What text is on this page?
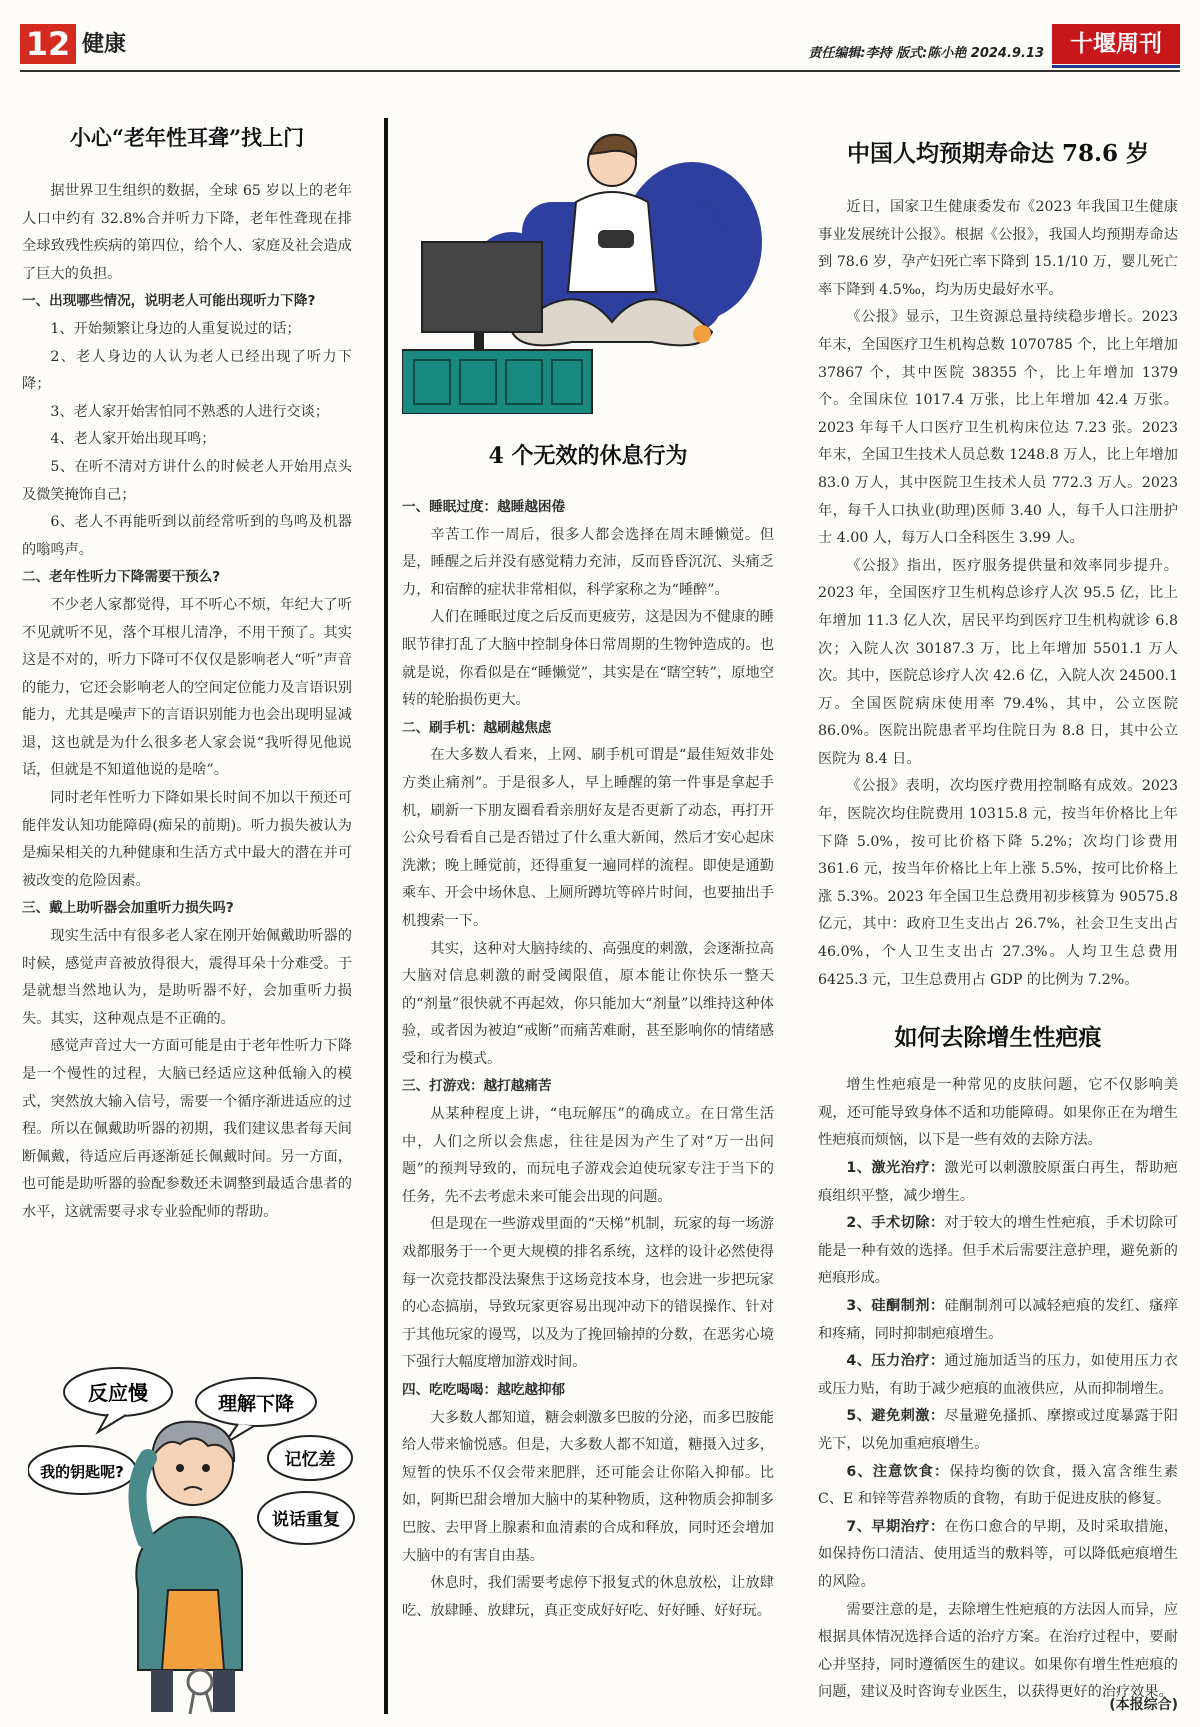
12 健康	责任编辑:李持 版式:陈小艳 2024.9.13	十堰周刊
小心“老年性耳聋”找上门

据世界卫生组织的数据，全球 65 岁以上的老年人口中约有 32.8%合并听力下降，老年性聋现在排全球致残性疾病的第四位，给个人、家庭及社会造成了巨大的负担。

一、出现哪些情况，说明老人可能出现听力下降?

1、开始频繁让身边的人重复说过的话；

2、老人身边的人认为老人已经出现了听力下降；

3、老人家开始害怕同不熟悉的人进行交谈；

4、老人家开始出现耳鸣；

5、在听不清对方讲什么的时候老人开始用点头及微笑掩饰自己；

6、老人不再能听到以前经常听到的鸟鸣及机器的嗡鸣声。

二、老年性听力下降需要干预么?

不少老人家都觉得，耳不听心不烦，年纪大了听不见就听不见，落个耳根儿清净，不用干预了。其实这是不对的，听力下降可不仅仅是影响老人“听”声音的能力，它还会影响老人的空间定位能力及言语识别能力，尤其是噪声下的言语识别能力也会出现明显减退，这也就是为什么很多老人家会说“我听得见他说话，但就是不知道他说的是啥”。

同时老年性听力下降如果长时间不加以干预还可能伴发认知功能障碍(痴呆的前期)。听力损失被认为是痴呆相关的九种健康和生活方式中最大的潜在并可被改变的危险因素。

三、戴上助听器会加重听力损失吗?

现实生活中有很多老人家在刚开始佩戴助听器的时候，感觉声音被放得很大，震得耳朵十分难受。于是就想当然地认为，是助听器不好，会加重听力损失。其实，这种观点是不正确的。

感觉声音过大一方面可能是由于老年性听力下降是一个慢性的过程，大脑已经适应这种低输入的模式，突然放大输入信号，需要一个循序渐进适应的过程。所以在佩戴助听器的初期，我们建议患者每天间断佩戴，待适应后再逐渐延长佩戴时间。另一方面，也可能是助听器的验配参数还未调整到最适合患者的水平，这就需要寻求专业验配师的帮助。

反应慢	理解下降
记忆差
我的钥匙呢?
说话重复
4 个无效的休息行为

一、睡眠过度：越睡越困倦

辛苦工作一周后，很多人都会选择在周末睡懒觉。但是，睡醒之后并没有感觉精力充沛，反而昏昏沉沉、头痛乏力，和宿醉的症状非常相似，科学家称之为“睡醉”。

人们在睡眠过度之后反而更疲劳，这是因为不健康的睡眠节律打乱了大脑中控制身体日常周期的生物钟造成的。也就是说，你看似是在“睡懒觉”，其实是在“瞎空转”，原地空转的轮胎损伤更大。

二、刷手机：越刷越焦虑

在大多数人看来，上网、刷手机可谓是“最佳短效非处方类止痛剂”。于是很多人，早上睡醒的第一件事是拿起手机，刷新一下朋友圈看看亲朋好友是否更新了动态，再打开公众号看看自己是否错过了什么重大新闻，然后才安心起床洗漱；晚上睡觉前，还得重复一遍同样的流程。即使是通勤乘车、开会中场休息、上厕所蹲坑等碎片时间，也要抽出手机搜索一下。

其实，这种对大脑持续的、高强度的刺激，会逐渐拉高大脑对信息刺激的耐受阈限值，原本能让你快乐一整天的“剂量”很快就不再起效，你只能加大“剂量”以维持这种体验，或者因为被迫“戒断”而痛苦难耐，甚至影响你的情绪感受和行为模式。

三、打游戏：越打越痛苦

从某种程度上讲，“电玩解压”的确成立。在日常生活中，人们之所以会焦虑，往往是因为产生了对“万一出问题”的预判导致的，而玩电子游戏会迫使玩家专注于当下的任务，先不去考虑未来可能会出现的问题。

但是现在一些游戏里面的“天梯”机制，玩家的每一场游戏都服务于一个更大规模的排名系统，这样的设计必然使得每一次竞技都没法聚焦于这场竞技本身，也会进一步把玩家的心态搞崩，导致玩家更容易出现冲动下的错误操作、针对于其他玩家的谩骂，以及为了挽回输掉的分数，在恶劣心境下强行大幅度增加游戏时间。

四、吃吃喝喝：越吃越抑郁

大多数人都知道，糖会刺激多巴胺的分泌，而多巴胺能给人带来愉悦感。但是，大多数人都不知道，糖摄入过多，短暂的快乐不仅会带来肥胖，还可能会让你陷入抑郁。比如，阿斯巴甜会增加大脑中的某种物质，这种物质会抑制多巴胺、去甲肾上腺素和血清素的合成和释放，同时还会增加大脑中的有害自由基。

休息时，我们需要考虑停下报复式的休息放松，让放肆吃、放肆睡、放肆玩，真正变成好好吃、好好睡、好好玩。

中国人均预期寿命达 78.6 岁

近日，国家卫生健康委发布《2023 年我国卫生健康事业发展统计公报》。根据《公报》，我国人均预期寿命达到 78.6 岁，孕产妇死亡率下降到 15.1/10 万，婴儿死亡率下降到 4.5‰，均为历史最好水平。

《公报》显示，卫生资源总量持续稳步增长。2023 年末，全国医疗卫生机构总数 1070785 个，比上年增加 37867 个，其中医院 38355 个，比上年增加 1379 个。全国床位 1017.4 万张，比上年增加 42.4 万张。2023 年每千人口医疗卫生机构床位达 7.23 张。2023 年末，全国卫生技术人员总数 1248.8 万人，比上年增加 83.0 万人，其中医院卫生技术人员 772.3 万人。2023 年，每千人口执业(助理)医师 3.40 人，每千人口注册护士 4.00 人，每万人口全科医生 3.99 人。

《公报》指出，医疗服务提供量和效率同步提升。2023 年，全国医疗卫生机构总诊疗人次 95.5 亿，比上年增加 11.3 亿人次，居民平均到医疗卫生机构就诊 6.8 次；入院人次 30187.3 万，比上年增加 5501.1 万人次。其中，医院总诊疗人次 42.6 亿，入院人次 24500.1 万。全国医院病床使用率 79.4%，其中，公立医院 86.0%。医院出院患者平均住院日为 8.8 日，其中公立医院为 8.4 日。

《公报》表明，次均医疗费用控制略有成效。2023 年，医院次均住院费用 10315.8 元，按当年价格比上年下降 5.0%，按可比价格下降 5.2%；次均门诊费用 361.6 元，按当年价格比上年上涨 5.5%，按可比价格上涨 5.3%。2023 年全国卫生总费用初步核算为 90575.8 亿元，其中：政府卫生支出占 26.7%，社会卫生支出占 46.0%，个人卫生支出占 27.3%。人均卫生总费用 6425.3 元，卫生总费用占 GDP 的比例为 7.2%。

如何去除增生性疤痕

增生性疤痕是一种常见的皮肤问题，它不仅影响美观，还可能导致身体不适和功能障碍。如果你正在为增生性疤痕而烦恼，以下是一些有效的去除方法。

1、激光治疗：激光可以刺激胶原蛋白再生，帮助疤痕组织平整，减少增生。

2、手术切除：对于较大的增生性疤痕，手术切除可能是一种有效的选择。但手术后需要注意护理，避免新的疤痕形成。

3、硅酮制剂：硅酮制剂可以减轻疤痕的发红、瘙痒和疼痛，同时抑制疤痕增生。

4、压力治疗：通过施加适当的压力，如使用压力衣或压力贴，有助于减少疤痕的血液供应，从而抑制增生。

5、避免刺激：尽量避免搔抓、摩擦或过度暴露于阳光下，以免加重疤痕增生。

6、注意饮食：保持均衡的饮食，摄入富含维生素 C、E 和锌等营养物质的食物，有助于促进皮肤的修复。

7、早期治疗：在伤口愈合的早期，及时采取措施，如保持伤口清洁、使用适当的敷料等，可以降低疤痕增生的风险。

需要注意的是，去除增生性疤痕的方法因人而异，应根据具体情况选择合适的治疗方案。在治疗过程中，要耐心并坚持，同时遵循医生的建议。如果你有增生性疤痕的问题，建议及时咨询专业医生，以获得更好的治疗效果。

(本报综合)
